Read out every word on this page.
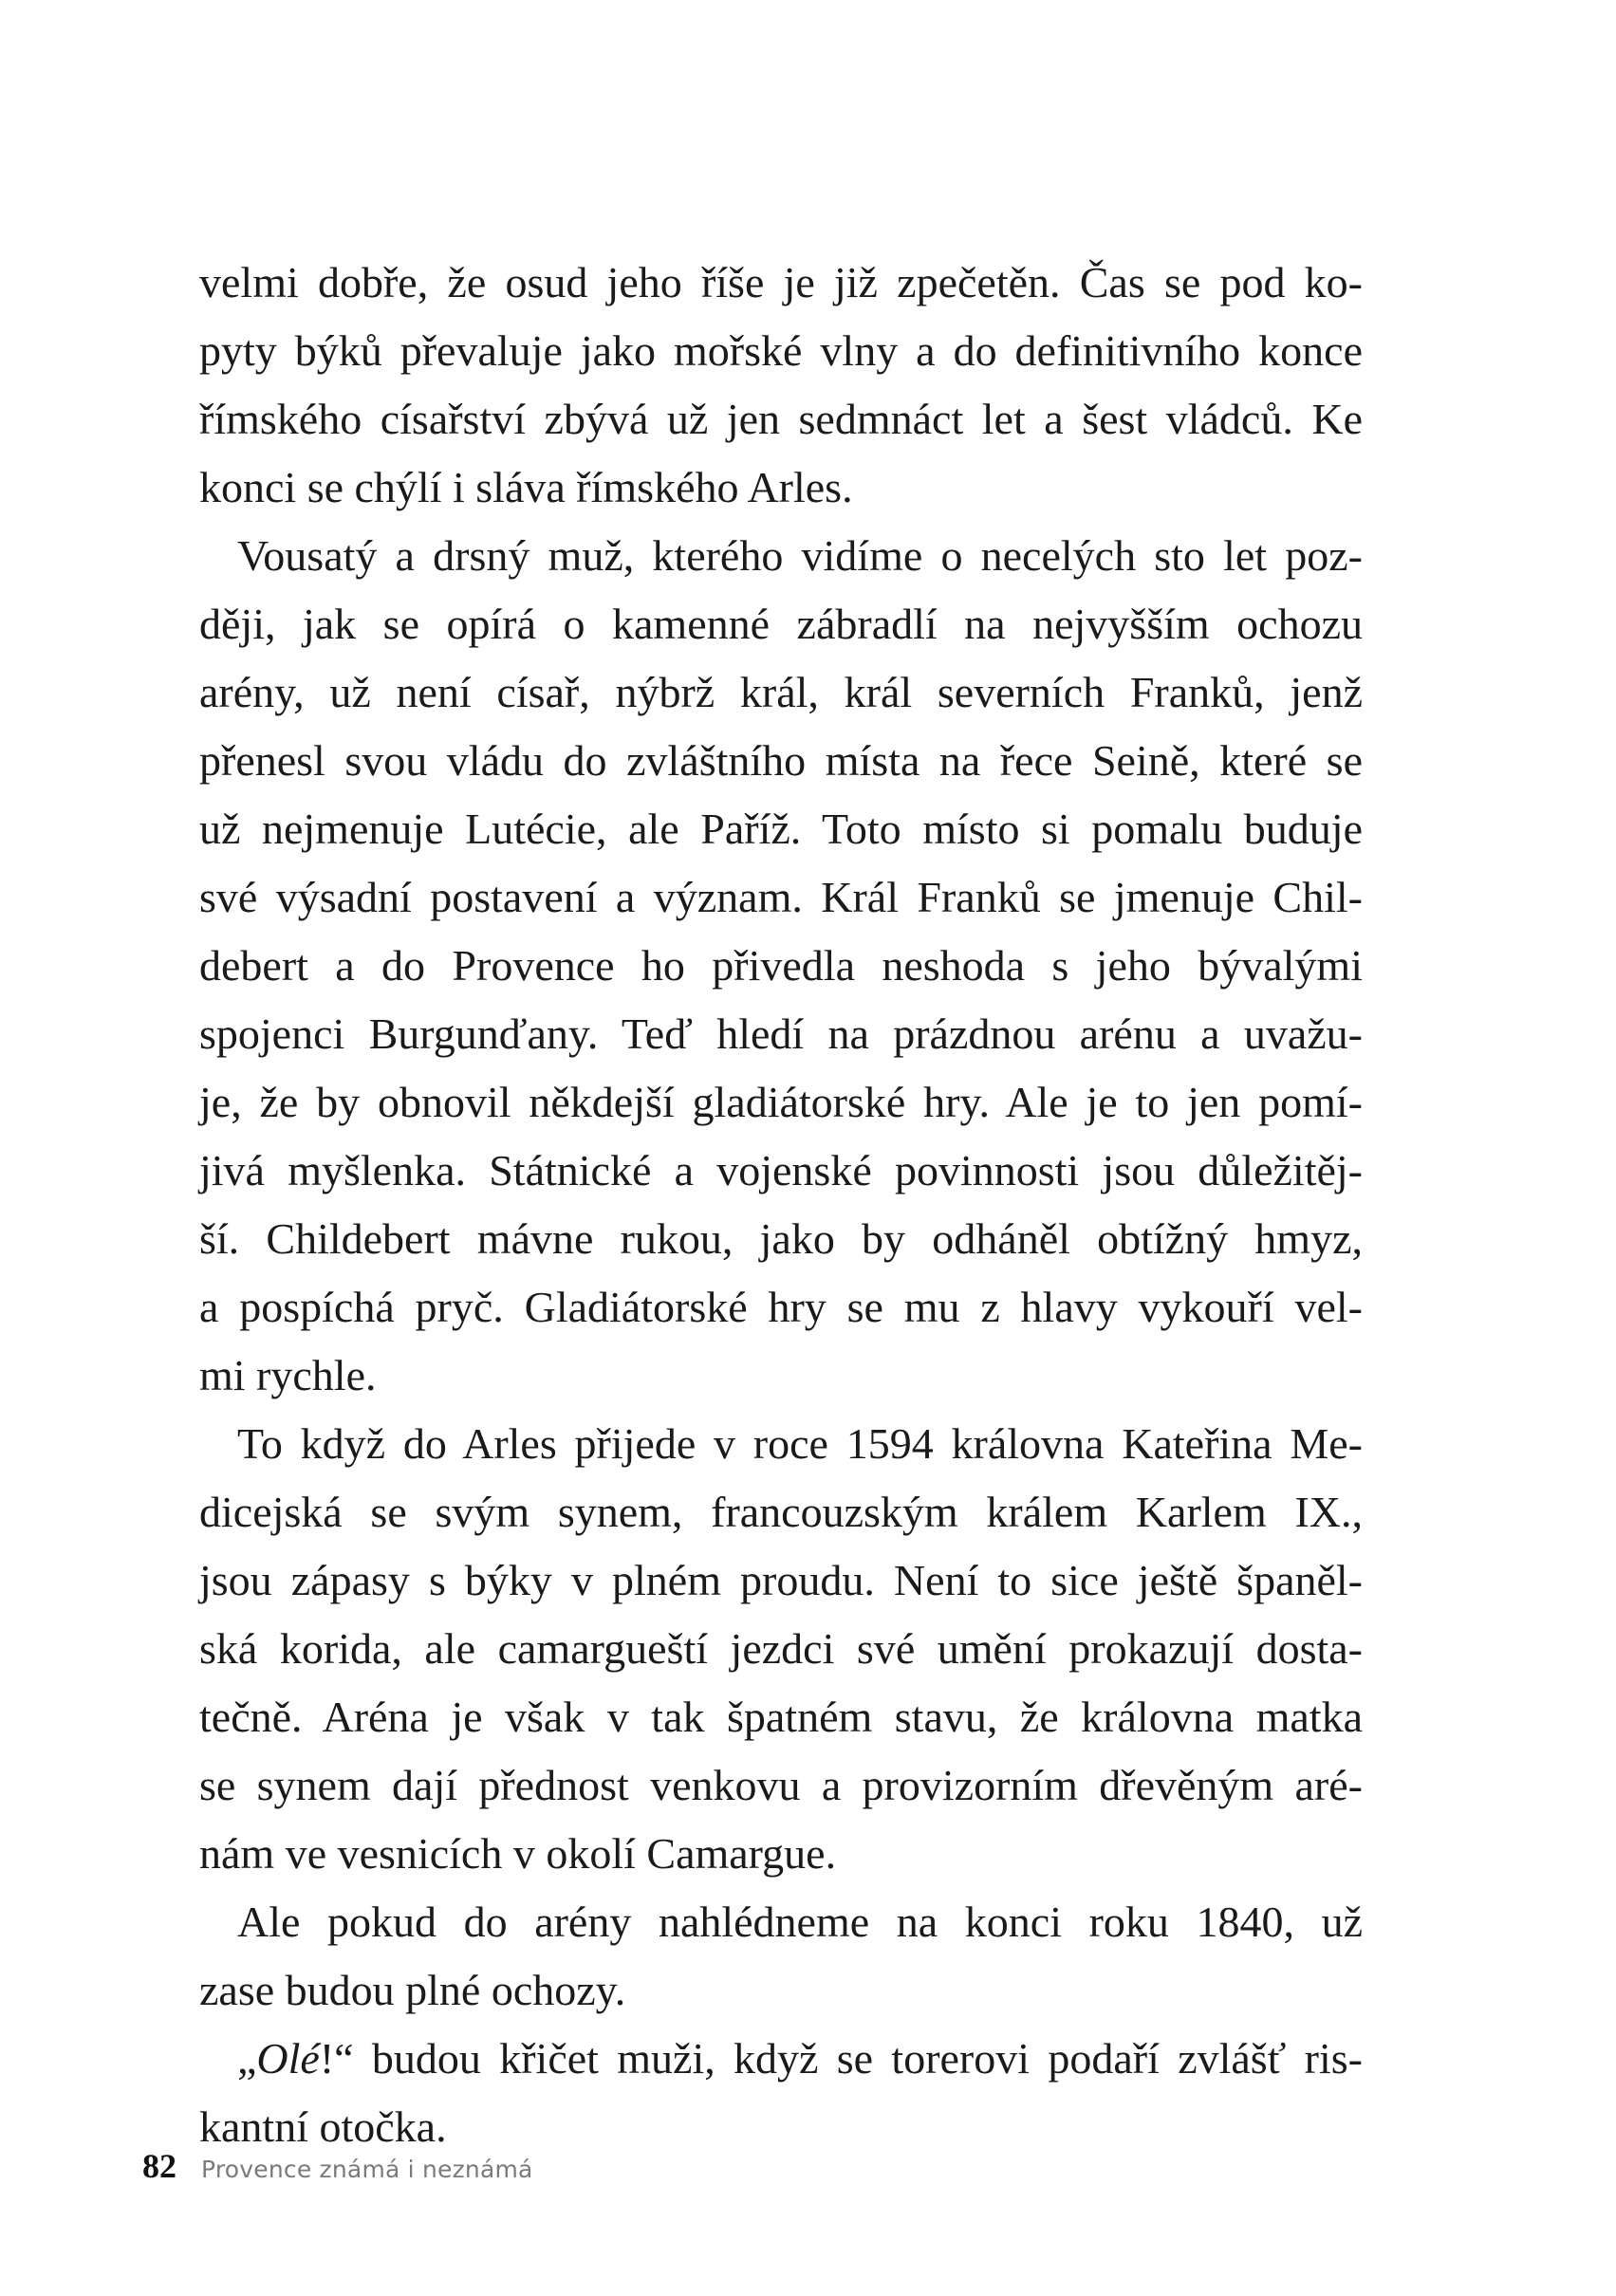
velmi dobře, že osud jeho říše je již zpečetěn. Čas se pod ko-
pyty býků převaluje jako mořské vlny a do definitivního konce
římského císařství zbývá už jen sedmnáct let a šest vládců. Ke
konci se chýlí i sláva římského Arles.
Vousatý a drsný muž, kterého vidíme o necelých sto let poz-
ději, jak se opírá o kamenné zábradlí na nejvyšším ochozu
arény, už není císař, nýbrž král, král severních Franků, jenž
přenesl svou vládu do zvláštního místa na řece Seině, které se
už nejmenuje Lutécie, ale Paříž. Toto místo si pomalu buduje
své výsadní postavení a význam. Král Franků se jmenuje Chil-
debert a do Provence ho přivedla neshoda s jeho bývalými
spojenci Burgunďany. Teď hledí na prázdnou arénu a uvažu-
je, že by obnovil někdejší gladiátorské hry. Ale je to jen pomí-
jivá myšlenka. Státnické a vojenské povinnosti jsou důležitěj-
ší. Childebert mávne rukou, jako by odháněl obtížný hmyz,
a pospíchá pryč. Gladiátorské hry se mu z hlavy vykouří vel-
mi rychle.
To když do Arles přijede v roce 1594 královna Kateřina Me-
dicejská se svým synem, francouzským králem Karlem IX.,
jsou zápasy s býky v plném proudu. Není to sice ještě španěl-
ská korida, ale camargueští jezdci své umění prokazují dosta-
tečně. Aréna je však v tak špatném stavu, že královna matka
se synem dají přednost venkovu a provizorním dřevěným aré-
nám ve vesnicích v okolí Camargue.
Ale pokud do arény nahlédneme na konci roku 1840, už
zase budou plné ochozy.
„Olé!“ budou křičet muži, když se torerovi podaří zvlášť ris-
kantní otočka.
82 Provence známá i neznámá
